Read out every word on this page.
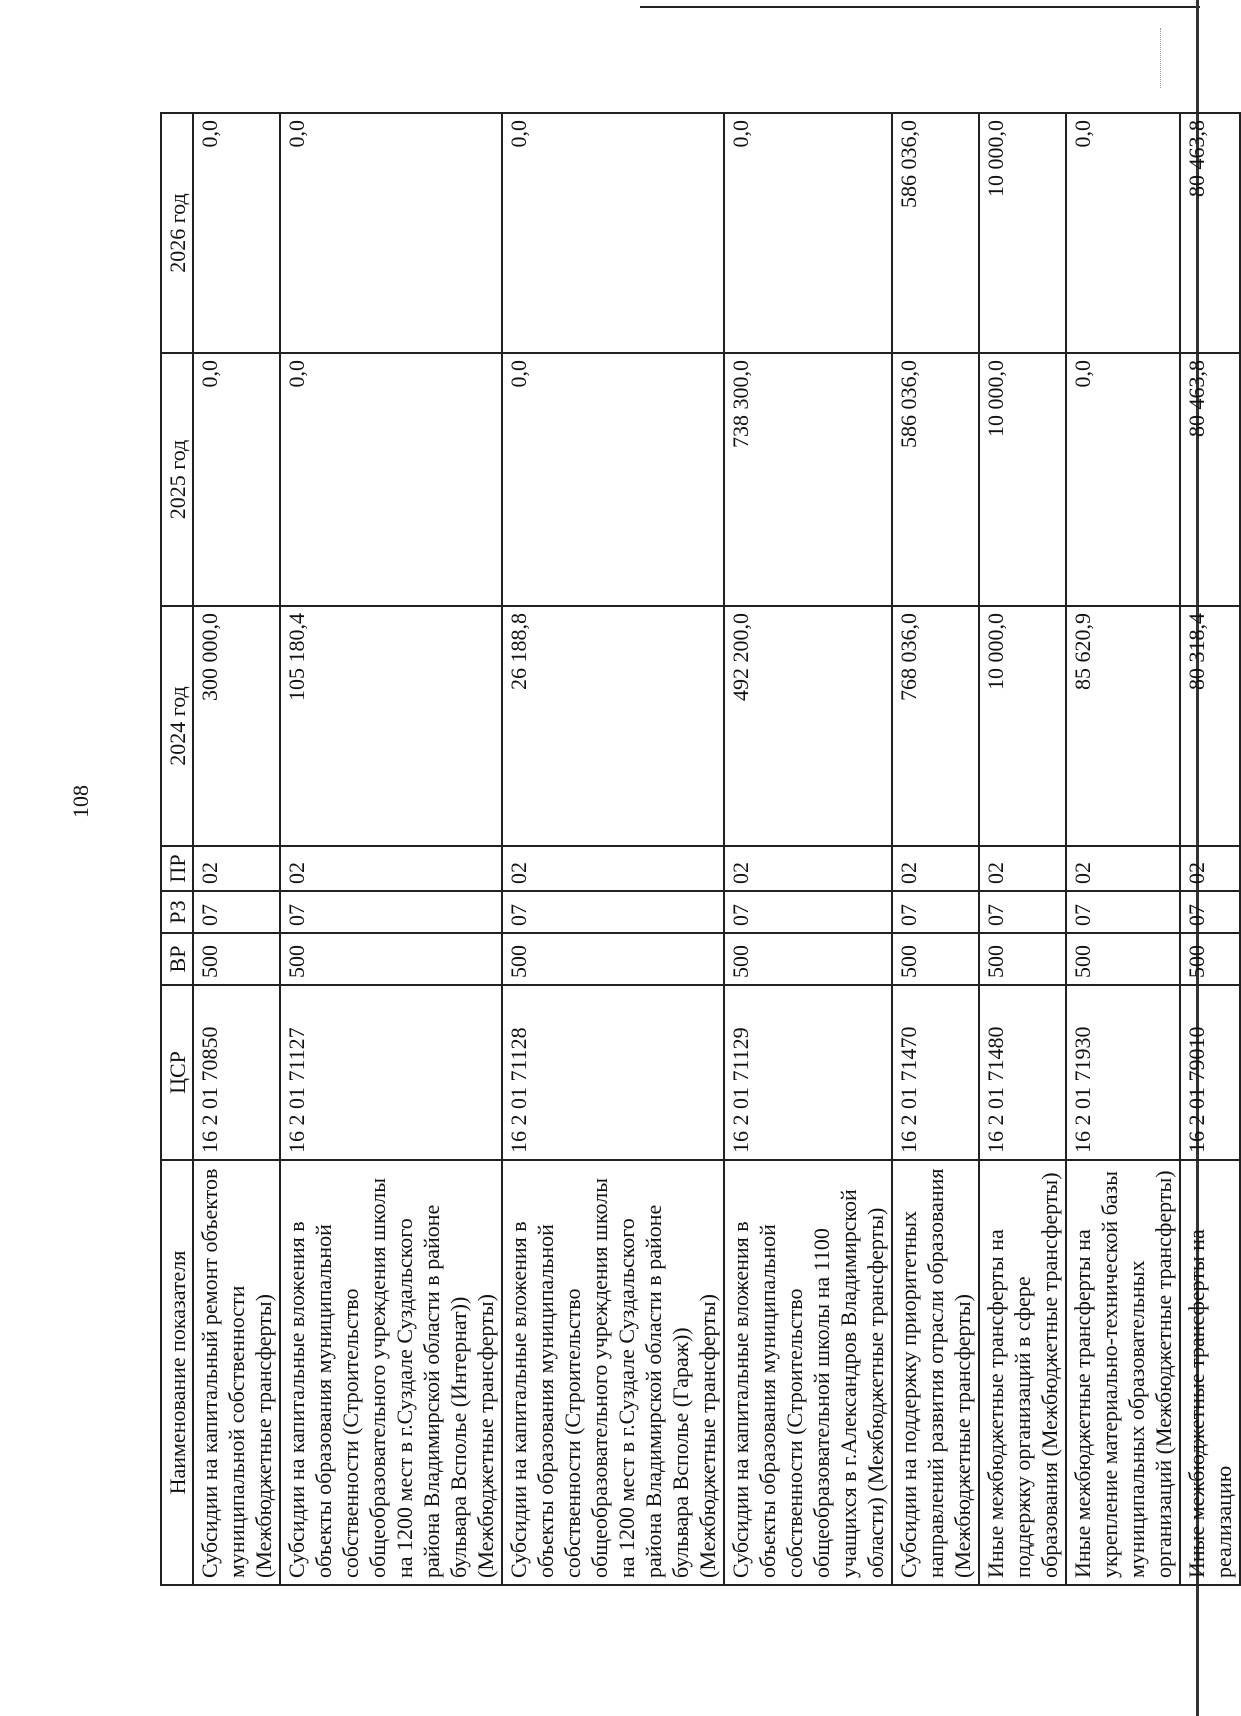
108
Наименование показателя	ЦСР	ВР	РЗ	ПР	2024 год	2025 год	2026 год
Субсидии на капитальный ремонт объектов муниципальной собственности (Межбюджетные трансферты)	16 2 01 70850	500	07	02	300 000,0	0,0	0,0
Субсидии на капитальные вложения в объекты образования муниципальной собственности (Строительство общеобразовательного учреждения школы на 1200 мест в г.Суздале Суздальского района Владимирской области в районе бульвара Всполье (Интернат)) (Межбюджетные трансферты)	16 2 01 71127	500	07	02	105 180,4	0,0	0,0
Субсидии на капитальные вложения в объекты образования муниципальной собственности (Строительство общеобразовательного учреждения школы на 1200 мест в г.Суздале Суздальского района Владимирской области в районе бульвара Всполье (Гараж)) (Межбюджетные трансферты)	16 2 01 71128	500	07	02	26 188,8	0,0	0,0
Субсидии на капитальные вложения в объекты образования муниципальной собственности (Строительство общеобразовательной школы на 1100 учащихся в г.Александров Владимирской области) (Межбюджетные трансферты)	16 2 01 71129	500	07	02	492 200,0	738 300,0	0,0
Субсидии на поддержку приоритетных направлений развития отрасли образования (Межбюджетные трансферты)	16 2 01 71470	500	07	02	768 036,0	586 036,0	586 036,0
Иные межбюджетные трансферты на поддержку организаций в сфере образования (Межбюджетные трансферты)	16 2 01 71480	500	07	02	10 000,0	10 000,0	10 000,0
Иные межбюджетные трансферты на укрепление материально-технической базы муниципальных образовательных организаций (Межбюджетные трансферты)	16 2 01 71930	500	07	02	85 620,9	0,0	0,0
Иные межбюджетные трансферты на реализацию	16 2 01 79010	500	07	02	80 318,4	80 463,8	80 463,8
